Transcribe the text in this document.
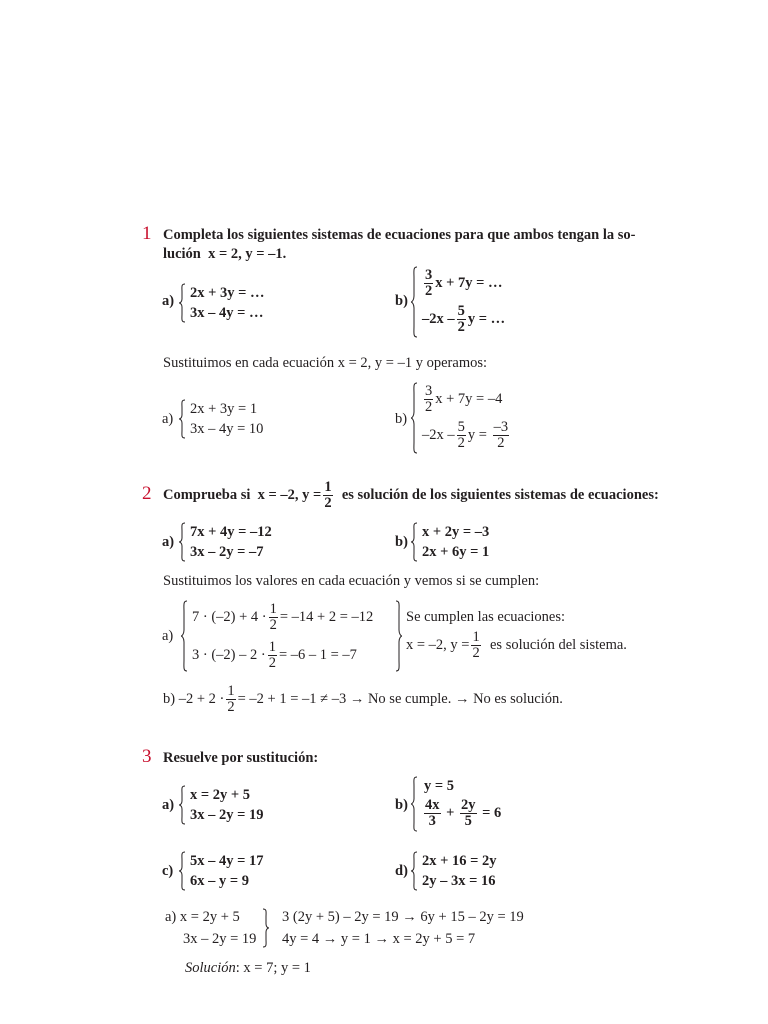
1 Completa los siguientes sistemas de ecuaciones para que ambos tengan la so-
lución x = 2, y = –1.
a) 2x + 3y = …
3x – 4y = …
b)
$\frac{3}{2}$ x + 7y = …
$-2x - \frac{5}{2}$ y = …
Sustituimos en cada ecuación x = 2, y = –1 y operamos:
a)
2x + 3y = 1
3x – 4y = 10
b)
$\frac{3}{2}$ x + 7y = –4
$-2x - \frac{5}{2}$ $y = \frac{-3}{2}$
2 Comprueba si x = –2, $y = \frac{1}{2}$ es solución de los siguientes sistemas de ecuaciones:
a)
7x + 4y = –12
3x – 2y = –7
b)
x + 2y = –3
2x + 6y = 1
Sustituimos los valores en cada ecuación y vemos si se cumplen:
a)
$7 \cdot (-2) + 4 \cdot \frac{1}{2} = -14 + 2 = -12$
$3 \cdot (-2) - 2 \cdot \frac{1}{2} = -6 - 1 = -7$
Se cumplen las ecuaciones:
x = –2, $y = \frac{1}{2}$ es solución del sistema.
b) $-2 + 2 \cdot \frac{1}{2} = -2 + 1 = -1 \ne -3 \to No$ se cumple. → No es solución.
3 Resuelve por sustitución:
a)
x = 2y + 5
3x – 2y = 19
b)
y = 5
$\frac{4x}{3} + \frac{2y}{5} = 6$
c)
5x – 4y = 17
6x – y = 9
d)
2x + 16 = 2y
2y – 3x = 16
a) x = 2y + 5
3x – 2y = 19
3 (2y + 5) – 2y = 19 → 6y + 15 – 2y = 19
4y = 4 → y = 1 → x = 2y + 5 = 7
Solución: x = 7; y = 1
